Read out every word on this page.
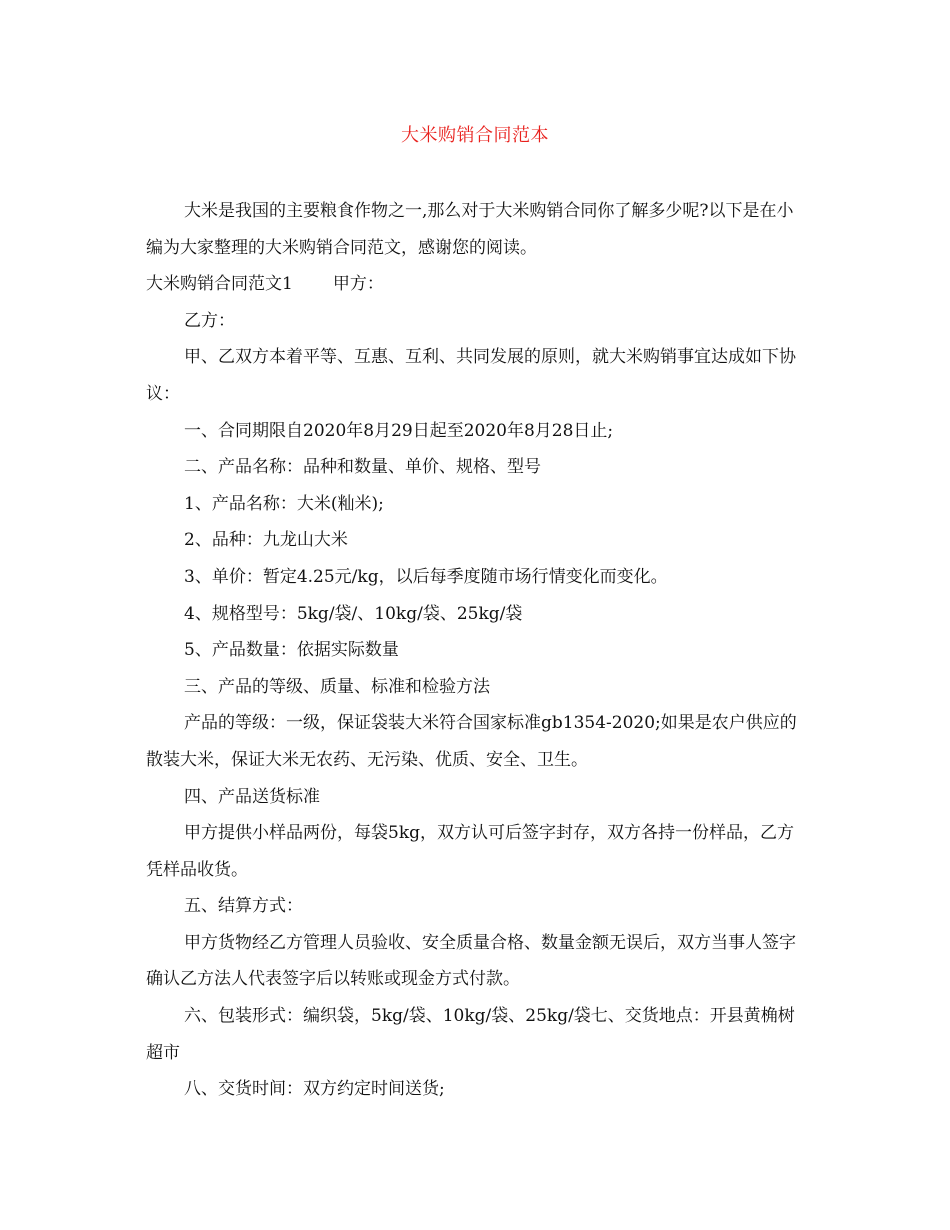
大米购销合同范本

大米是我国的主要粮食作物之一,那么对于大米购销合同你了解多少呢?以下是在小编为大家整理的大米购销合同范文，感谢您的阅读。

大米购销合同范文1 甲方：

乙方：

甲、乙双方本着平等、互惠、互利、共同发展的原则，就大米购销事宜达成如下协议：

一、合同期限自2020年8月29日起至2020年8月28日止;

二、产品名称：品种和数量、单价、规格、型号

1、产品名称：大米(籼米);

2、品种：九龙山大米

3、单价：暂定4.25元/kg，以后每季度随市场行情变化而变化。

4、规格型号：5kg/袋/、10kg/袋、25kg/袋

5、产品数量：依据实际数量

三、产品的等级、质量、标准和检验方法

产品的等级：一级，保证袋装大米符合国家标准gb1354-2020;如果是农户供应的散装大米，保证大米无农药、无污染、优质、安全、卫生。

四、产品送货标准

甲方提供小样品两份，每袋5kg，双方认可后签字封存，双方各持一份样品，乙方凭样品收货。

五、结算方式：

甲方货物经乙方管理人员验收、安全质量合格、数量金额无误后，双方当事人签字确认乙方法人代表签字后以转账或现金方式付款。

六、包装形式：编织袋，5kg/袋、10kg/袋、25kg/袋七、交货地点：开县黄桷树超市

八、交货时间：双方约定时间送货;
